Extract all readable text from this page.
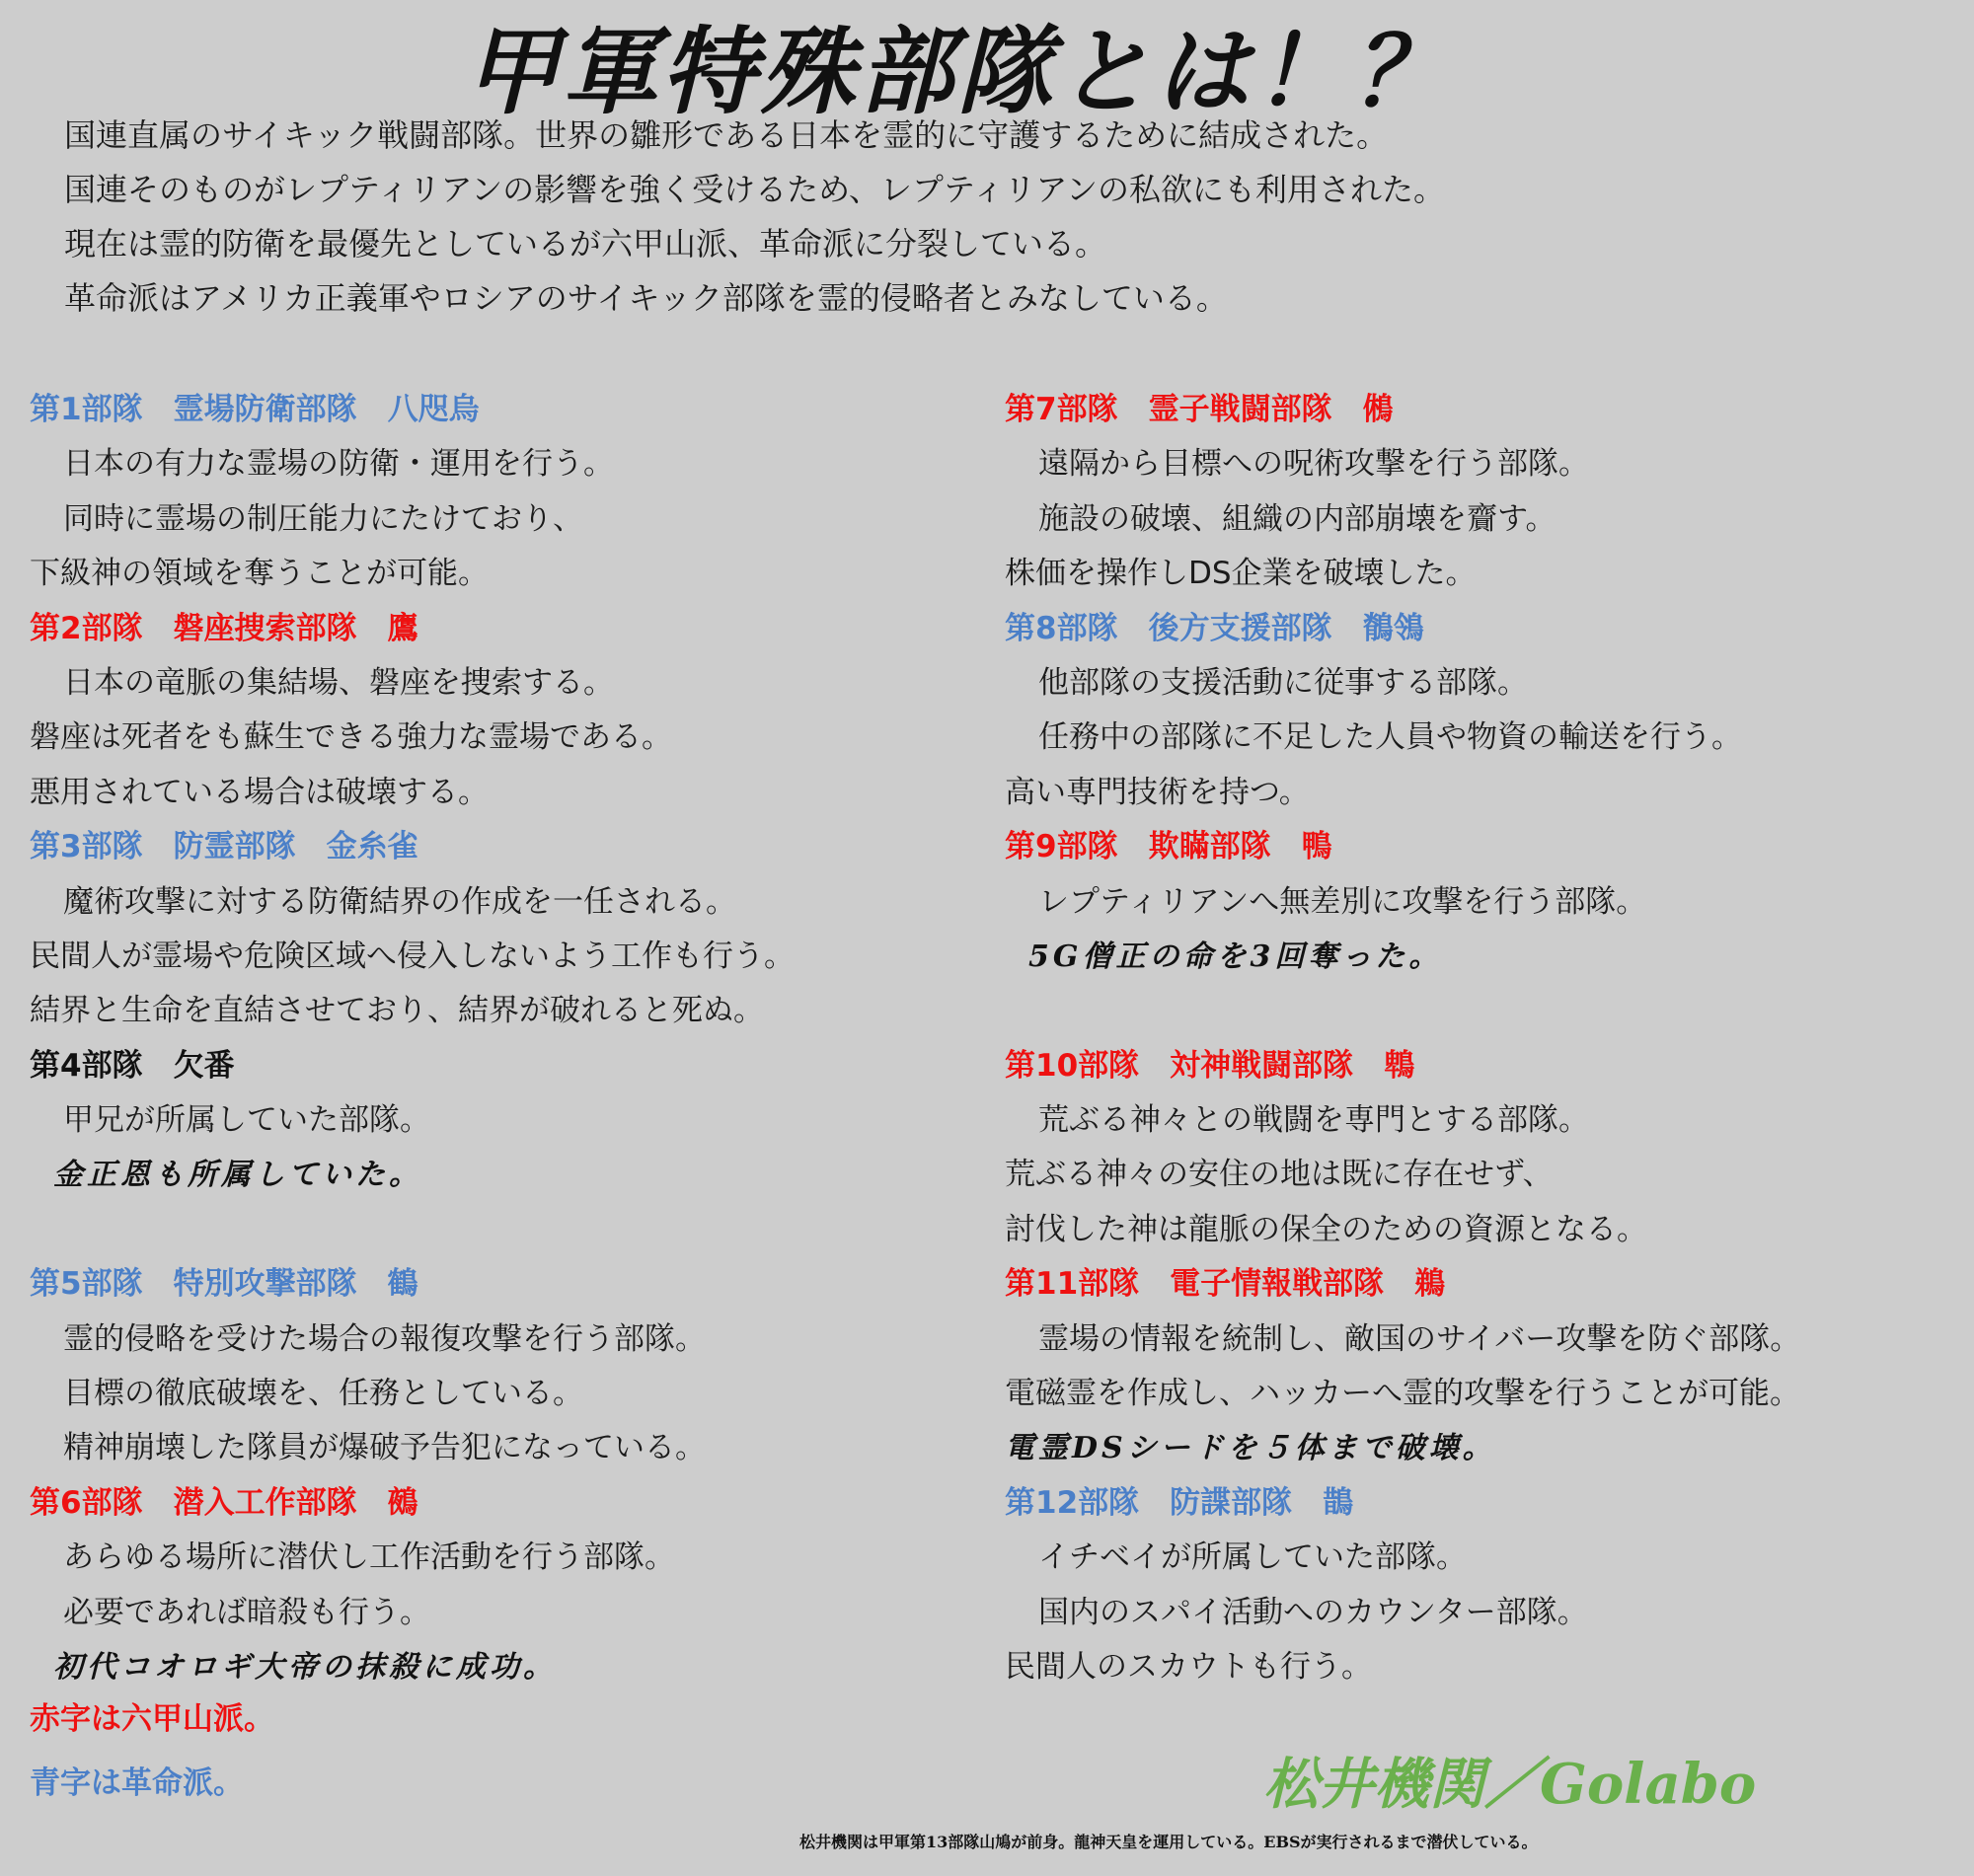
甲軍特殊部隊とは！？
国連直属のサイキック戦闘部隊。世界の雛形である日本を霊的に守護するために結成された。
国連そのものがレプティリアンの影響を強く受けるため、レプティリアンの私欲にも利用された。
現在は霊的防衛を最優先としているが六甲山派、革命派に分裂している。
革命派はアメリカ正義軍やロシアのサイキック部隊を霊的侵略者とみなしている。
第1部隊　霊場防衛部隊　八咫烏
日本の有力な霊場の防衛・運用を行う。
同時に霊場の制圧能力にたけており、
下級神の領域を奪うことが可能。
第2部隊　磐座捜索部隊　鷹
日本の竜脈の集結場、磐座を捜索する。
磐座は死者をも蘇生できる強力な霊場である。
悪用されている場合は破壊する。
第3部隊　防霊部隊　金糸雀
魔術攻撃に対する防衛結界の作成を一任される。
民間人が霊場や危険区域へ侵入しないよう工作も行う。
結界と生命を直結させており、結界が破れると死ぬ。
第4部隊　欠番
甲兄が所属していた部隊。
金正恩も所属していた。
第5部隊　特別攻撃部隊　鶴
霊的侵略を受けた場合の報復攻撃を行う部隊。
目標の徹底破壊を、任務としている。
精神崩壊した隊員が爆破予告犯になっている。
第6部隊　潜入工作部隊　鵺
あらゆる場所に潜伏し工作活動を行う部隊。
必要であれば暗殺も行う。
初代コオロギ大帝の抹殺に成功。
第7部隊　霊子戦闘部隊　鵂
遠隔から目標への呪術攻撃を行う部隊。
施設の破壊、組織の内部崩壊を齎す。
株価を操作しDS企業を破壊した。
第8部隊　後方支援部隊　鶺鴒
他部隊の支援活動に従事する部隊。
任務中の部隊に不足した人員や物資の輸送を行う。
高い専門技術を持つ。
第9部隊　欺瞞部隊　鴨
レプティリアンへ無差別に攻撃を行う部隊。
5G僧正の命を3回奪った。
第10部隊　対神戦闘部隊　鵯
荒ぶる神々との戦闘を専門とする部隊。
荒ぶる神々の安住の地は既に存在せず、
討伐した神は龍脈の保全のための資源となる。
第11部隊　電子情報戦部隊　鵜
霊場の情報を統制し、敵国のサイバー攻撃を防ぐ部隊。
電磁霊を作成し、ハッカーへ霊的攻撃を行うことが可能。
電霊DSシードを５体まで破壊。
第12部隊　防諜部隊　鵲
イチベイが所属していた部隊。
国内のスパイ活動へのカウンター部隊。
民間人のスカウトも行う。
赤字は六甲山派。
青字は革命派。	松井機関／Golabo
松井機関は甲軍第13部隊山鳩が前身。龍神天皇を運用している。EBSが実行されるまで潜伏している。
